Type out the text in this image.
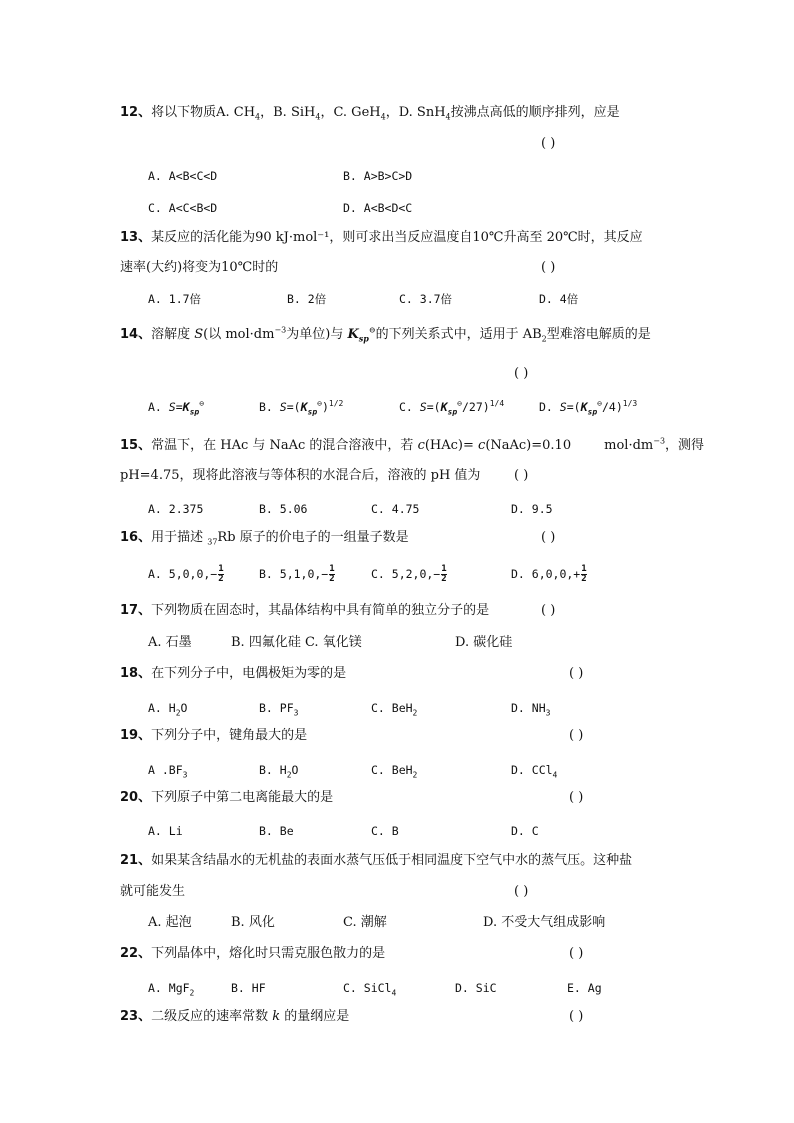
12、将以下物质A. $CH_4$，B. SiH$_4$，C. GeH$_4$，D. SnH$_4$按沸点高低的顺序排列，应是
( )
A. A<B<C<D	B. A>B>C>D
C. A<C<B<D	D. A<B<D<C
13、某反应的活化能为90 kJ·mol⁻¹，则可求出当反应温度自10℃升高至 20℃时，其反应
速率(大约)将变为10℃时的	( )
A. 1.7倍	B. 2倍	C. 3.7倍	D. 4倍
14、溶解度 S(以 $mol\cdot dm^{-3}$为单位)与 $K_{sp}^⊖$的下列关系式中，适用于 $AB_2$型难溶电解质的是
( )
A. $S=K_{sp}^⊖$	B. $S=(K_{sp}^⊖)^{1/2}$	C. $S=(K_{sp}^⊖/27)^{1/4}$	D. $S=(K_{sp}^⊖/4)^{1/3}$
15、常温下，在 HAc 与 NaAc 的混合溶液中，若 c(HAc)= c(NaAc)=0.10        $mol\cdot dm^{-3}$，测得
pH=4.75，现将此溶液与等体积的水混合后，溶液的 pH 值为	( )
A. 2.375	B. 5.06	C. 4.75	D. 9.5
16、用于描述 $_{37}$Rb 原子的价电子的一组量子数是	( )
A. $5,0,0,- \frac{1}{2}$	B. $5,1,0,- \frac{1}{2}$	C. $5,2,0,- \frac{1}{2}$	D. $6,0,0,+ \frac{1}{2}$
17、下列物质在固态时，其晶体结构中具有简单的独立分子的是	( )
A. 石墨	B. 四氟化硅 C. 氧化镁	D. 碳化硅
18、在下列分子中，电偶极矩为零的是	( )
A. $H_2O$	B. $PF_3$	C. BeH$_2$	D. $NH_3$
19、下列分子中，键角最大的是	( )
A $.BF_3$	B. $H_2O$	C. BeH$_2$	D. CCl$_4$
20、下列原子中第二电离能最大的是	( )
A. Li	B. Be	C. B	D. C
21、如果某含结晶水的无机盐的表面水蒸气压低于相同温度下空气中水的蒸气压。这种盐
就可能发生	( )
A. 起泡	B. 风化	C. 潮解	D. 不受大气组成影响
22、下列晶体中，熔化时只需克服色散力的是	( )
A. MgF$_2$	B. HF	C. SiCl$_4$	D. SiC	E. Ag
23、二级反应的速率常数 k 的量纲应是	( )
